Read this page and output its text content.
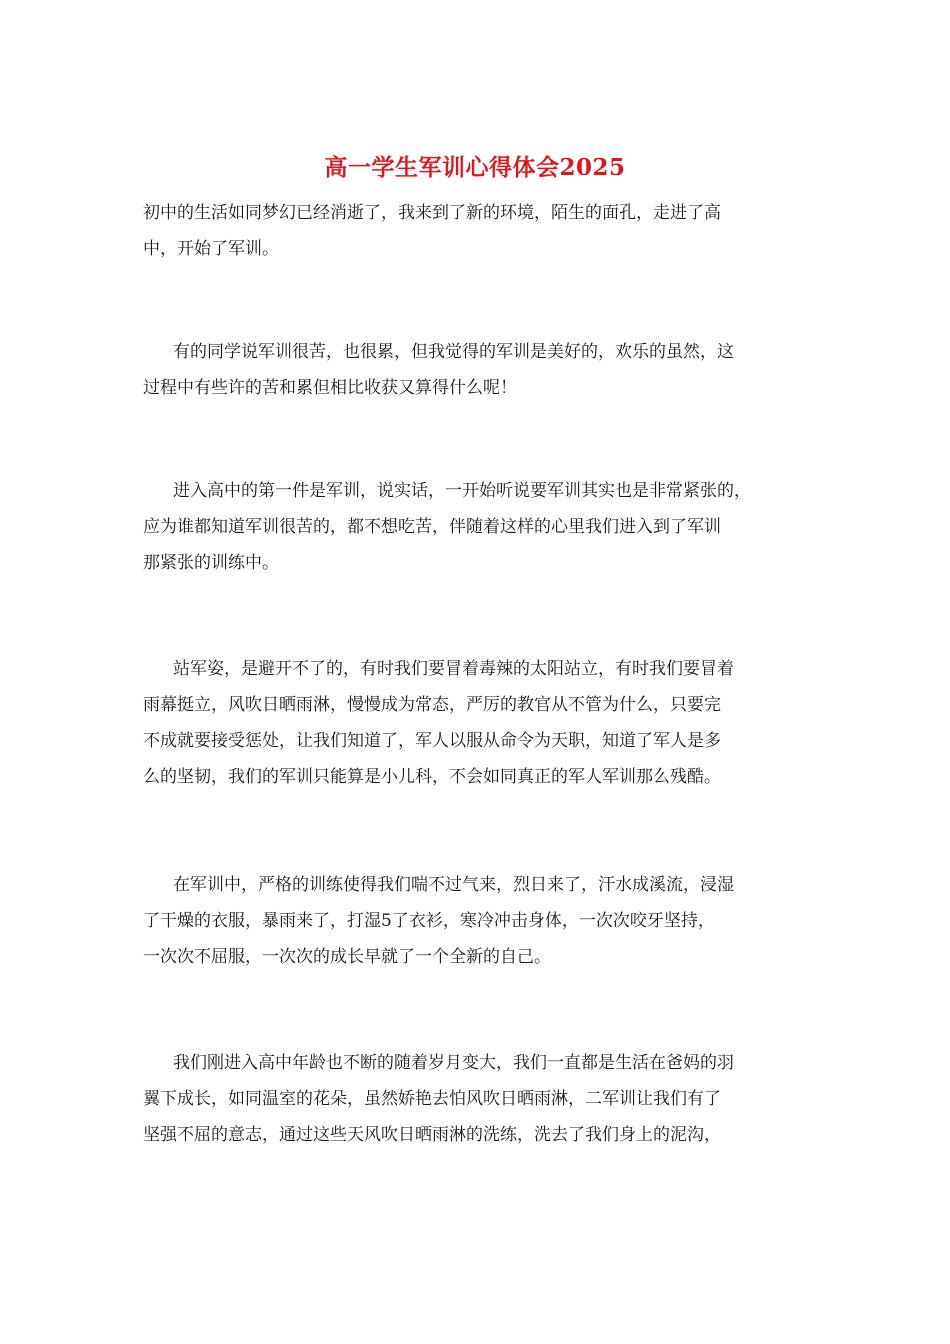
高一学生军训心得体会2025
初中的生活如同梦幻已经消逝了，我来到了新的环境，陌生的面孔，走进了高
中，开始了军训。
有的同学说军训很苦，也很累，但我觉得的军训是美好的，欢乐的虽然，这
过程中有些许的苦和累但相比收获又算得什么呢！
进入高中的第一件是军训，说实话，一开始听说要军训其实也是非常紧张的，
应为谁都知道军训很苦的，都不想吃苦，伴随着这样的心里我们进入到了军训
那紧张的训练中。
站军姿，是避开不了的，有时我们要冒着毒辣的太阳站立，有时我们要冒着
雨幕挺立，风吹日晒雨淋，慢慢成为常态，严厉的教官从不管为什么，只要完
不成就要接受惩处，让我们知道了，军人以服从命令为天职，知道了军人是多
么的坚韧，我们的军训只能算是小儿科，不会如同真正的军人军训那么残酷。
在军训中，严格的训练使得我们喘不过气来，烈日来了，汗水成溪流，浸湿
了干燥的衣服，暴雨来了，打湿5了衣衫，寒冷冲击身体，一次次咬牙坚持，
一次次不屈服，一次次的成长早就了一个全新的自己。
我们刚进入高中年龄也不断的随着岁月变大，我们一直都是生活在爸妈的羽
翼下成长，如同温室的花朵，虽然娇艳去怕风吹日晒雨淋，二军训让我们有了
坚强不屈的意志，通过这些天风吹日晒雨淋的洗练，洗去了我们身上的泥沟，
